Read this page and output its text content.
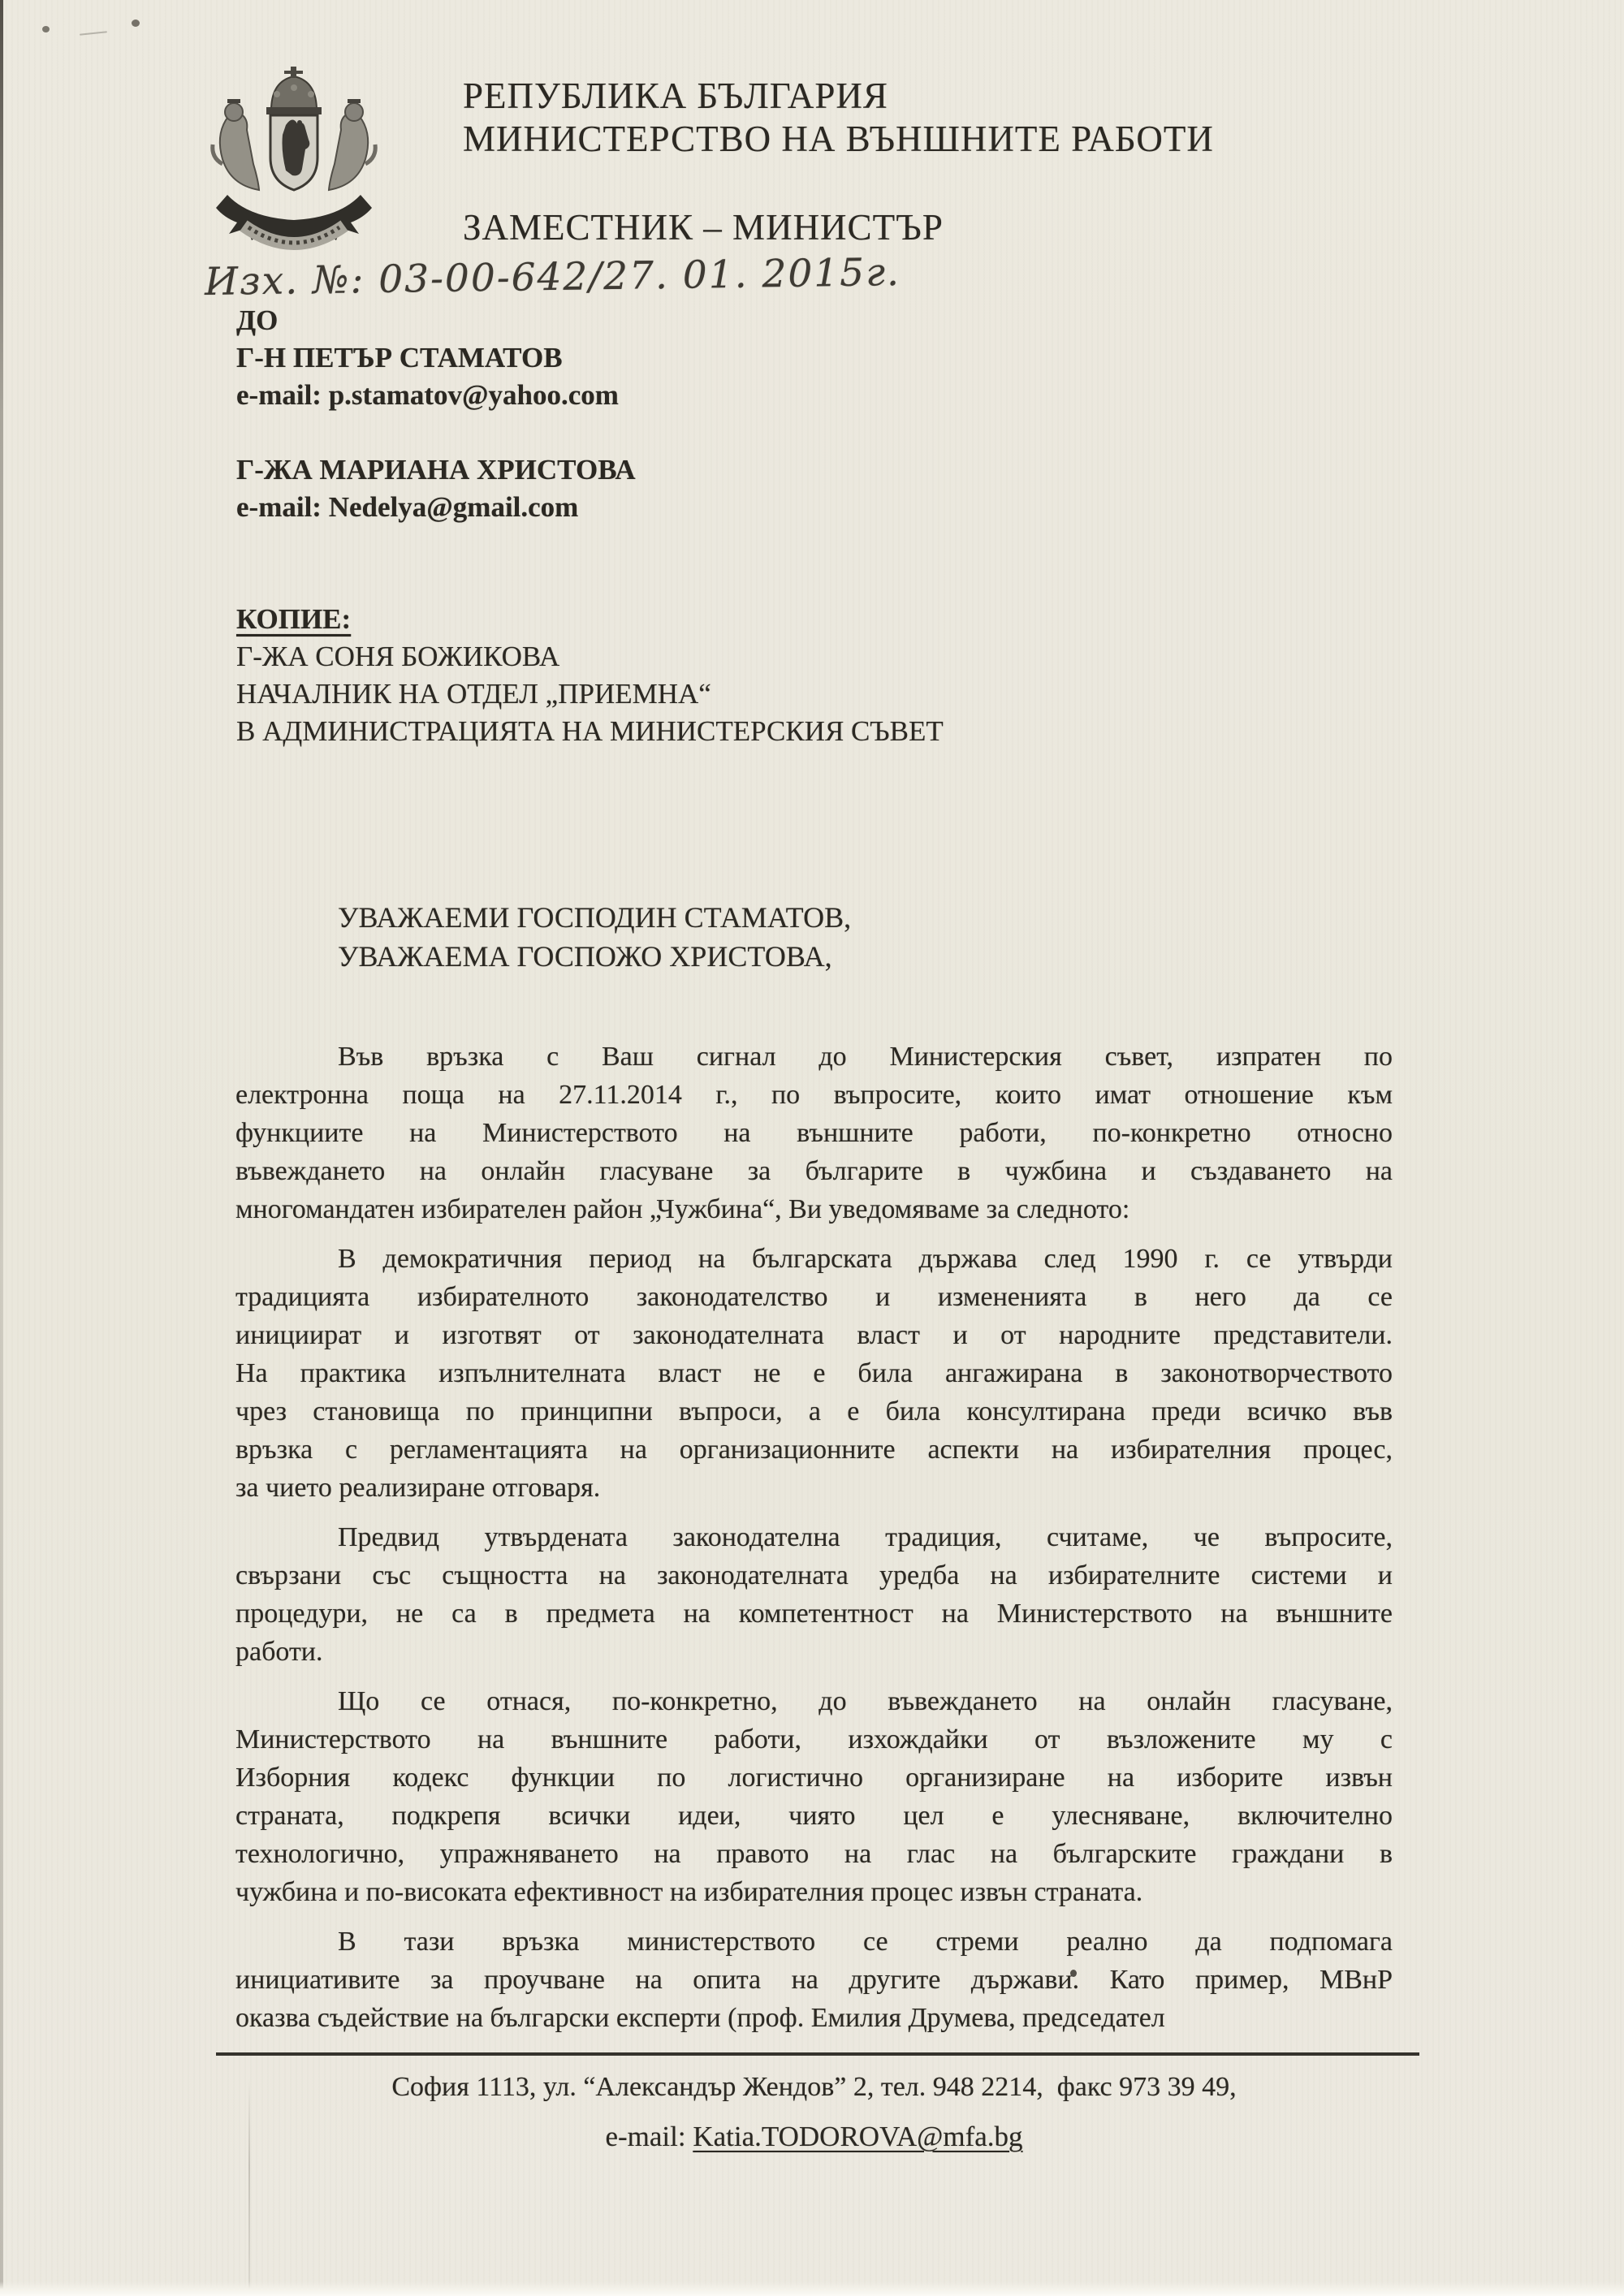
РЕПУБЛИКА БЪЛГАРИЯ
МИНИСТЕРСТВО НА ВЪНШНИТЕ РАБОТИ
ЗАМЕСТНИК – МИНИСТЪР
Изх. №: 03-00-642/27. 01. 2015г.
ДО
Г-Н ПЕТЪР СТАМАТОВ
e-mail: p.stamatov@yahoo.com
Г-ЖА МАРИАНА ХРИСТОВА
e-mail: Nedelya@gmail.com
КОПИЕ:
Г-ЖА СОНЯ БОЖИКОВА
НАЧАЛНИК НА ОТДЕЛ „ПРИЕМНА“
В АДМИНИСТРАЦИЯТА НА МИНИСТЕРСКИЯ СЪВЕТ
УВАЖАЕМИ ГОСПОДИН СТАМАТОВ,
УВАЖАЕМА ГОСПОЖО ХРИСТОВА,
Във връзка с Ваш сигнал до Министерския съвет, изпратен по
електронна поща на 27.11.2014 г., по въпросите, които имат отношение към
функциите на Министерството на външните работи, по-конкретно относно
въвеждането на онлайн гласуване за българите в чужбина и създаването на
многомандатен избирателен район „Чужбина“, Ви уведомяваме за следното:
В демократичния период на българската държава след 1990 г. се утвърди
традицията избирателното законодателство и измененията в него да се
инициират и изготвят от законодателната власт и от народните представители.
На практика изпълнителната власт не е била ангажирана в законотворчеството
чрез становища по принципни въпроси, а е била консултирана преди всичко във
връзка с регламентацията на организационните аспекти на избирателния процес,
за чието реализиране отговаря.
Предвид утвърдената законодателна традиция, считаме, че въпросите,
свързани със същността на законодателната уредба на избирателните системи и
процедури, не са в предмета на компетентност на Министерството на външните
работи.
Що се отнася, по-конкретно, до въвеждането на онлайн гласуване,
Министерството на външните работи, изхождайки от възложените му с
Изборния кодекс функции по логистично организиране на изборите извън
страната, подкрепя всички идеи, чиято цел е улесняване, включително
технологично, упражняването на правото на глас на българските граждани в
чужбина и по-високата ефективност на избирателния процес извън страната.
В тази връзка министерството се стреми реално да подпомага
инициативите за проучване на опита на другите държави. Като пример, МВнР
оказва съдействие на български експерти (проф. Емилия Друмева, председател
София 1113, ул. “Александър Жендов” 2, тел. 948 2214,  факс 973 39 49,
e-mail: Katia.TODOROVA@mfa.bg
